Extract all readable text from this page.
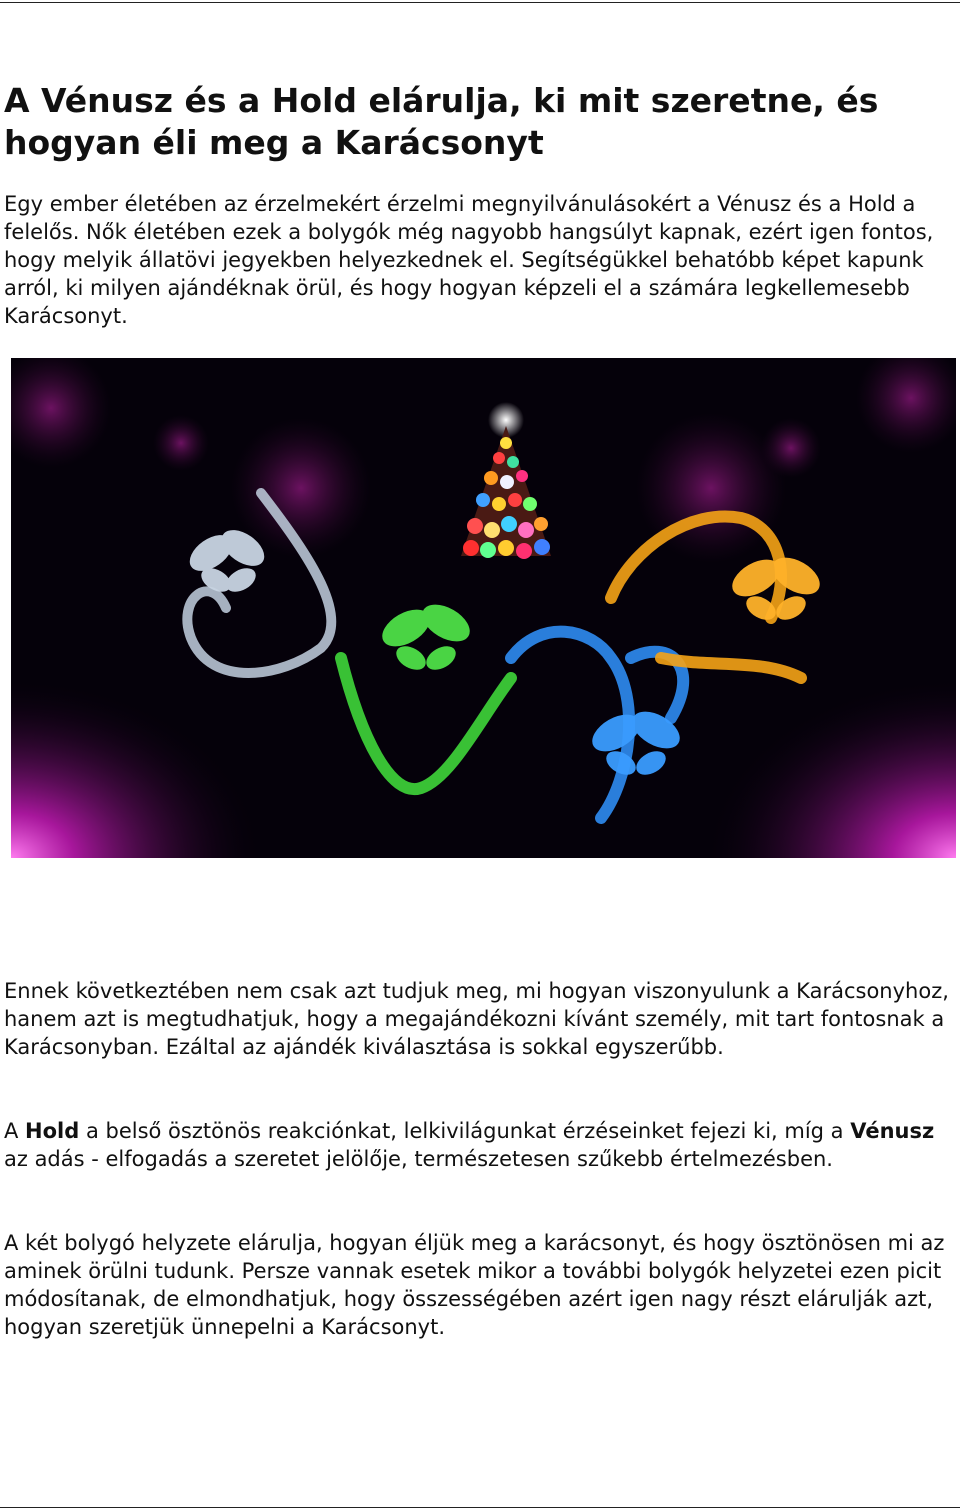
A Vénusz és a Hold elárulja, ki mit szeretne, és hogyan éli meg a Karácsonyt

Egy ember életében az érzelmekért érzelmi megnyilvánulásokért a Vénusz és a Hold a felelős. Nők életében ezek a bolygók még nagyobb hangsúlyt kapnak, ezért igen fontos, hogy melyik állatövi jegyekben helyezkednek el. Segítségükkel behatóbb képet kapunk arról, ki milyen ajándéknak örül, és hogy hogyan képzeli el a számára legkellemesebb Karácsonyt.

Ennek következtében nem csak azt tudjuk meg, mi hogyan viszonyulunk a Karácsonyhoz, hanem azt is megtudhatjuk, hogy a megajándékozni kívánt személy, mit tart fontosnak a Karácsonyban. Ezáltal az ajándék kiválasztása is sokkal egyszerűbb.

A Hold a belső ösztönös reakciónkat, lelkivilágunkat érzéseinket fejezi ki, míg a Vénusz az adás - elfogadás a szeretet jelölője, természetesen szűkebb értelmezésben.

A két bolygó helyzete elárulja, hogyan éljük meg a karácsonyt, és hogy ösztönösen mi az aminek örülni tudunk. Persze vannak esetek mikor a további bolygók helyzetei ezen picit módosítanak, de elmondhatjuk, hogy összességében azért igen nagy részt elárulják azt, hogyan szeretjük ünnepelni a Karácsonyt.
